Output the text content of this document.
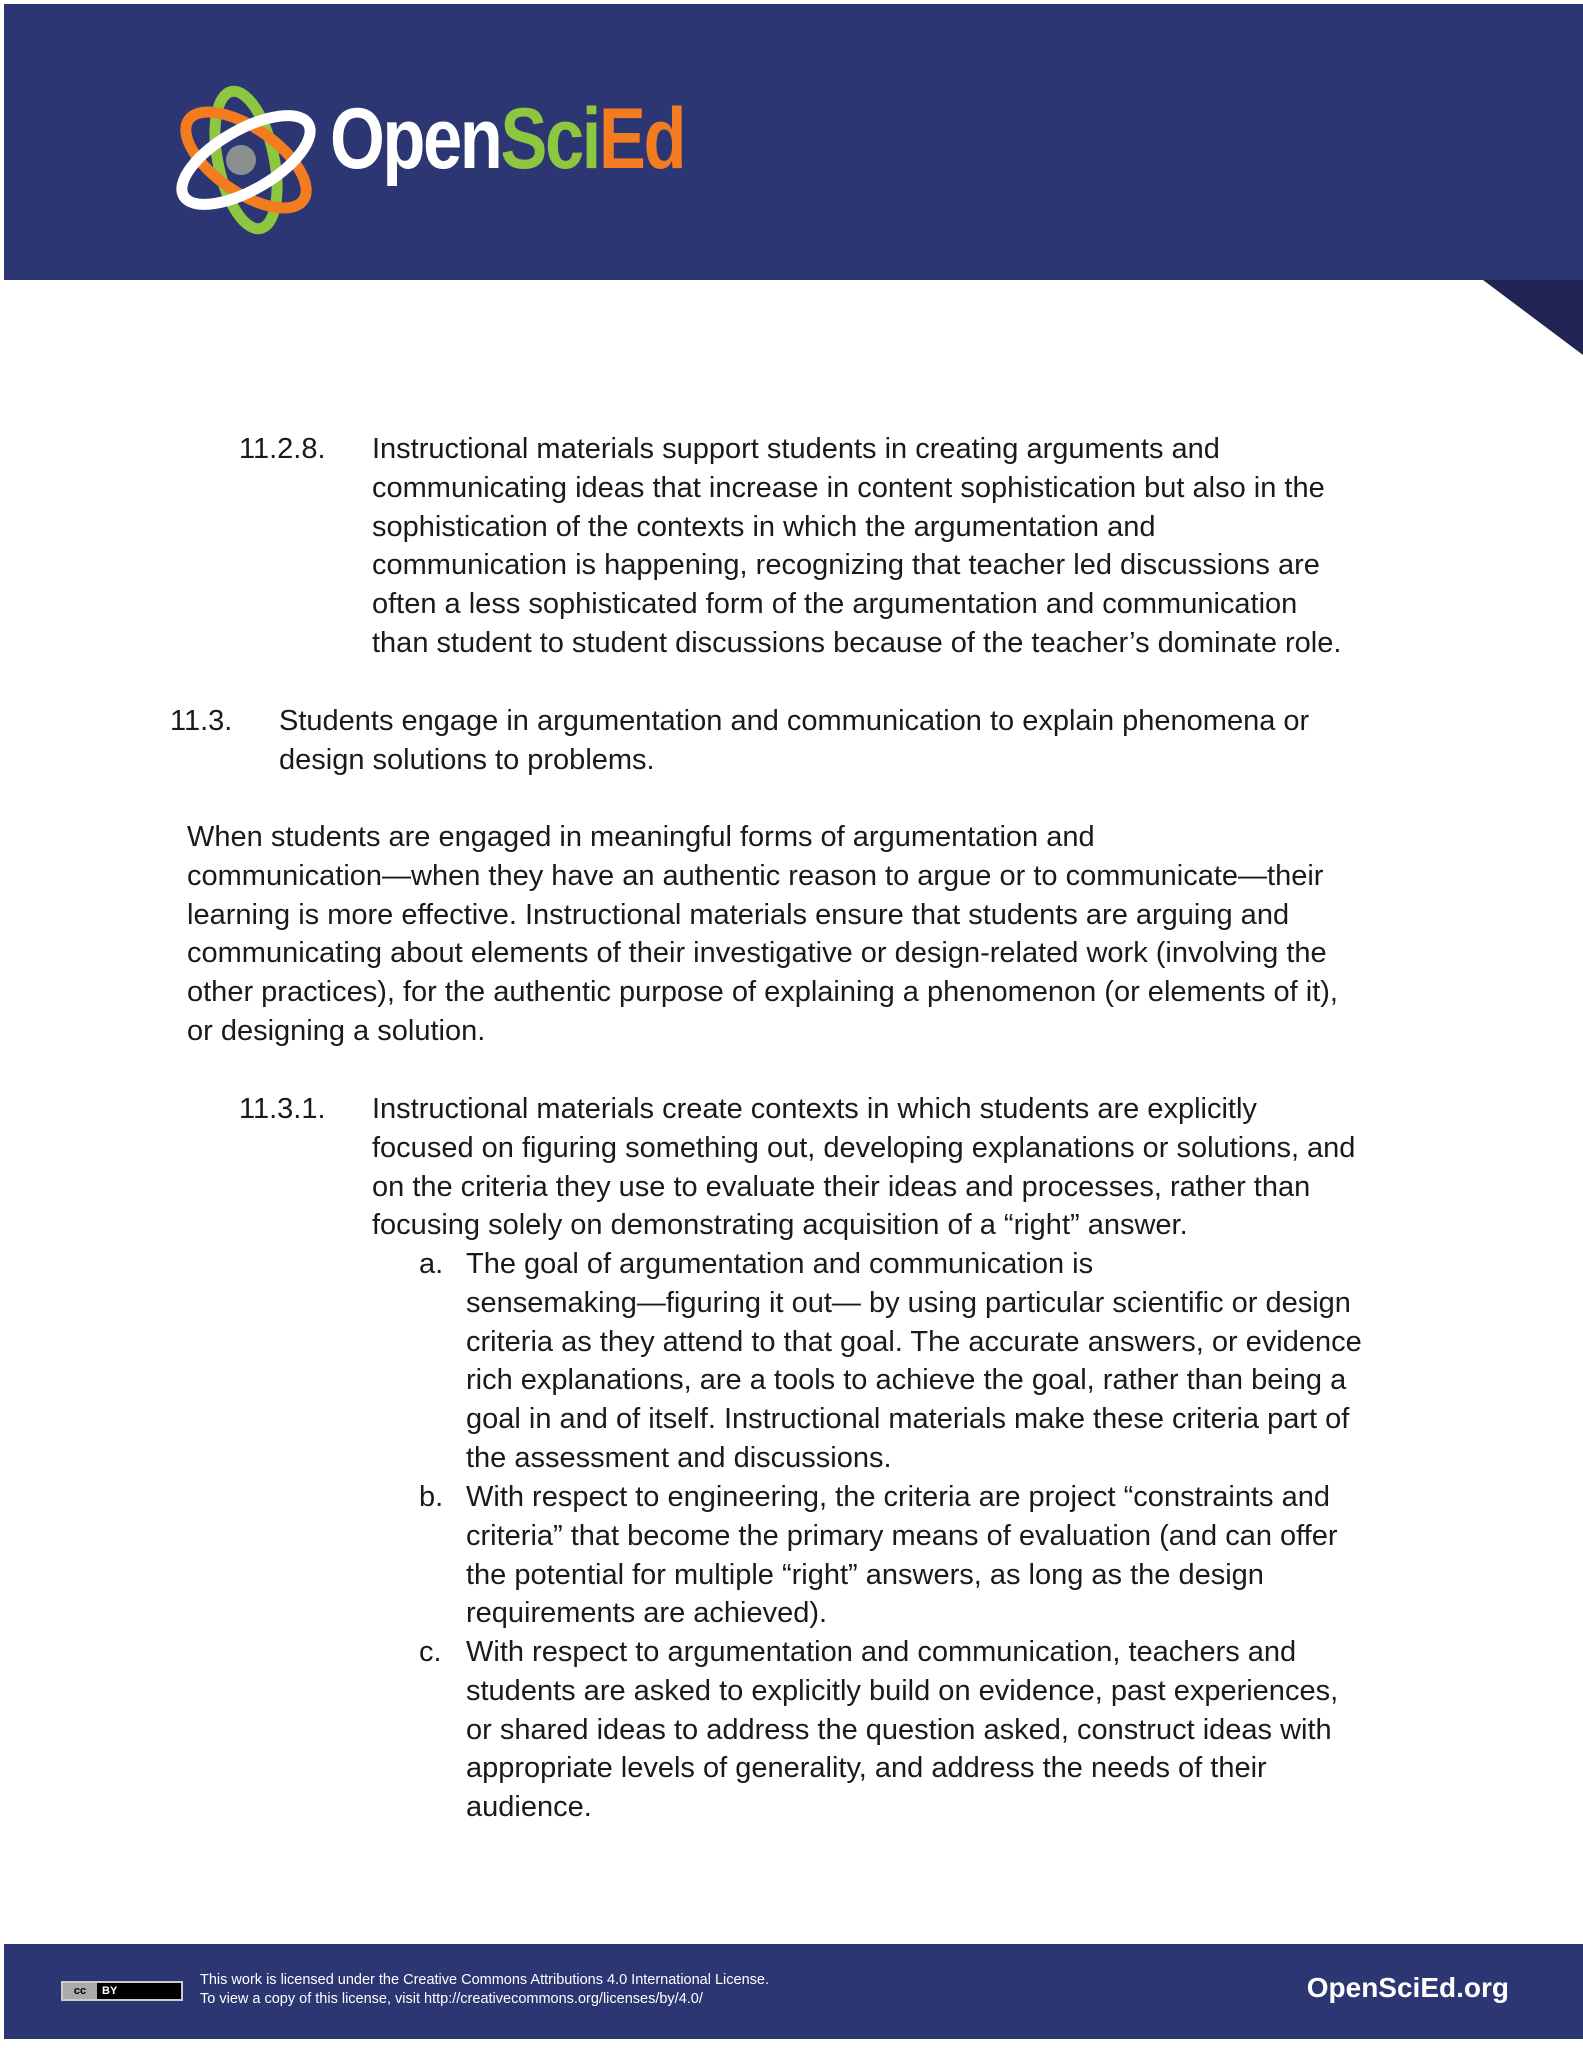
OpenSciEd
11.2.8. Instructional materials support students in creating arguments and
communicating ideas that increase in content sophistication but also in the
sophistication of the contexts in which the argumentation and
communication is happening, recognizing that teacher led discussions are
often a less sophisticated form of the argumentation and communication
than student to student discussions because of the teacher’s dominate role.
11.3. Students engage in argumentation and communication to explain phenomena or
design solutions to problems.
When students are engaged in meaningful forms of argumentation and
communication—when they have an authentic reason to argue or to communicate—their
learning is more effective. Instructional materials ensure that students are arguing and
communicating about elements of their investigative or design-related work (involving the
other practices), for the authentic purpose of explaining a phenomenon (or elements of it),
or designing a solution.
11.3.1. Instructional materials create contexts in which students are explicitly
focused on figuring something out, developing explanations or solutions, and
on the criteria they use to evaluate their ideas and processes, rather than
focusing solely on demonstrating acquisition of a “right” answer.
a. The goal of argumentation and communication is
sensemaking—figuring it out— by using particular scientific or design
criteria as they attend to that goal. The accurate answers, or evidence
rich explanations, are a tools to achieve the goal, rather than being a
goal in and of itself. Instructional materials make these criteria part of
the assessment and discussions.
b. With respect to engineering, the criteria are project “constraints and
criteria” that become the primary means of evaluation (and can offer
the potential for multiple “right” answers, as long as the design
requirements are achieved).
c. With respect to argumentation and communication, teachers and
students are asked to explicitly build on evidence, past experiences,
or shared ideas to address the question asked, construct ideas with
appropriate levels of generality, and address the needs of their
audience.
cc	BY
This work is licensed under the Creative Commons Attributions 4.0 International License.
To view a copy of this license, visit http://creativecommons.org/licenses/by/4.0/	OpenSciEd.org
